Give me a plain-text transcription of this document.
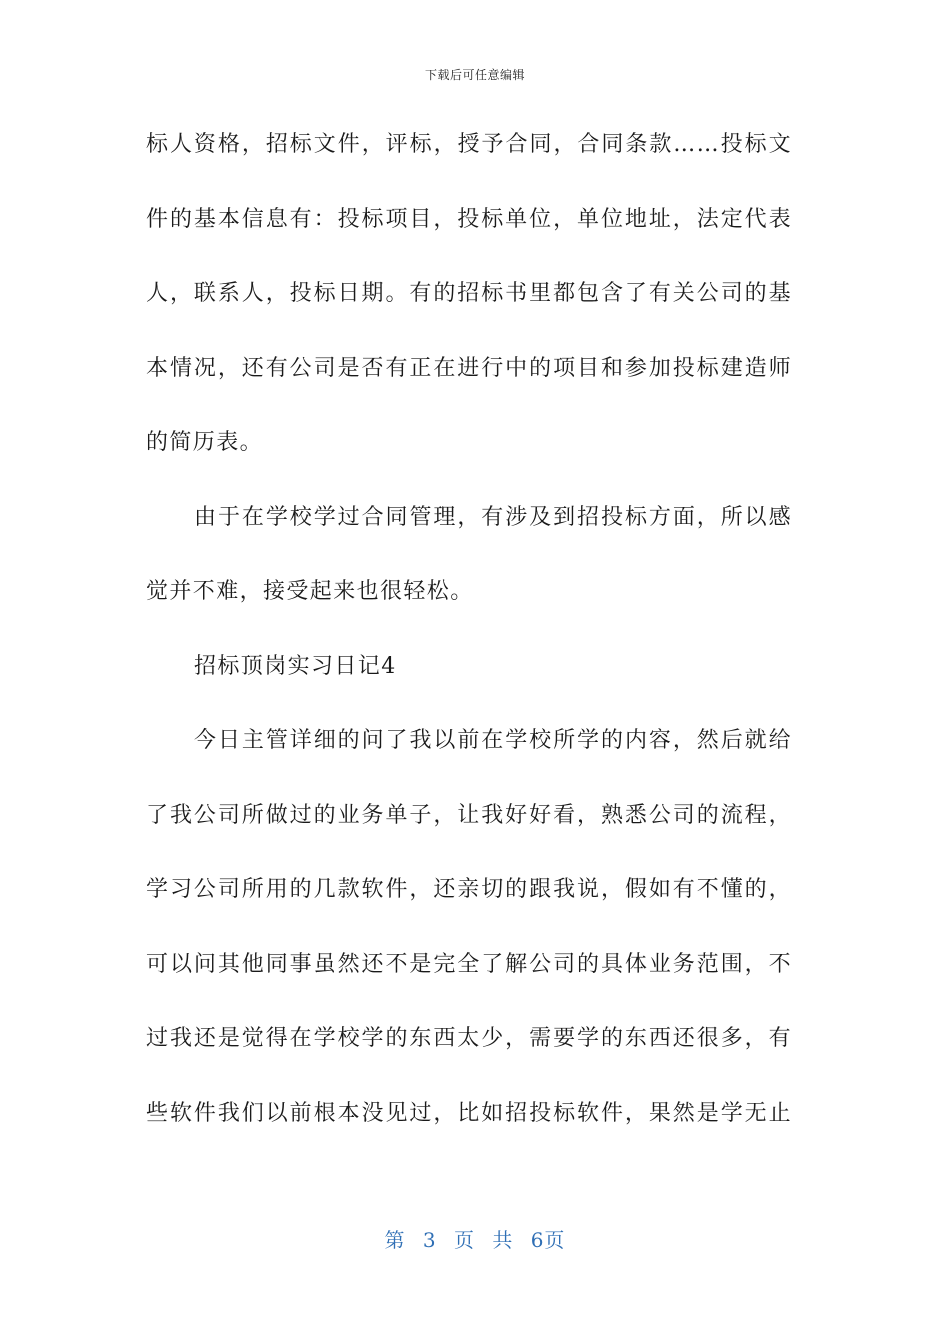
下载后可任意编辑
标人资格，招标文件，评标，授予合同，合同条款……投标文
件的基本信息有：投标项目，投标单位，单位地址，法定代表
人，联系人，投标日期。有的招标书里都包含了有关公司的基
本情况，还有公司是否有正在进行中的项目和参加投标建造师
的简历表。
由于在学校学过合同管理，有涉及到招投标方面，所以感
觉并不难，接受起来也很轻松。
招标顶岗实习日记4
今日主管详细的问了我以前在学校所学的内容，然后就给
了我公司所做过的业务单子，让我好好看，熟悉公司的流程，
学习公司所用的几款软件，还亲切的跟我说，假如有不懂的，
可以问其他同事虽然还不是完全了解公司的具体业务范围，不
过我还是觉得在学校学的东西太少，需要学的东西还很多，有
些软件我们以前根本没见过，比如招投标软件，果然是学无止
第 3 页 共 6页
